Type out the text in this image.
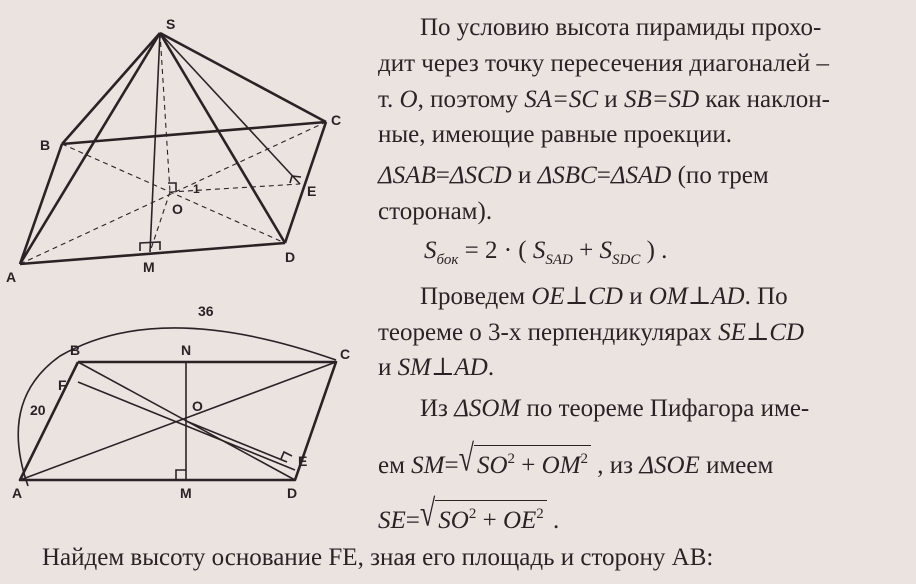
S
B
C
D
A
O
E
M
1
36
20
B	N	C
F
O
E
A	M	D
По условию высота пирамиды прохо-
дит через точку пересечения диагоналей –
т. O, поэтому SA=SC и SB=SD как наклон-
ные, имеющие равные проекции.
ΔSAB=ΔSCD и ΔSBC=ΔSAD (по трем
сторонам).
$S_{бок} = 2$ · ( $S_{SAD} + S_{SDC}$ ) .
Проведем OE⊥CD и OM⊥AD. По
теореме о 3-х перпендикулярах SE⊥CD
и SM⊥AD.
Из ΔSOM по теореме Пифагора име-
ем SM=√ $SO^2 + OM^2$ , из ΔSOE имеем
SE=√ $SO^2 + OE^2$ .
Найдем высоту основание FE, зная его площадь и сторону AB:
